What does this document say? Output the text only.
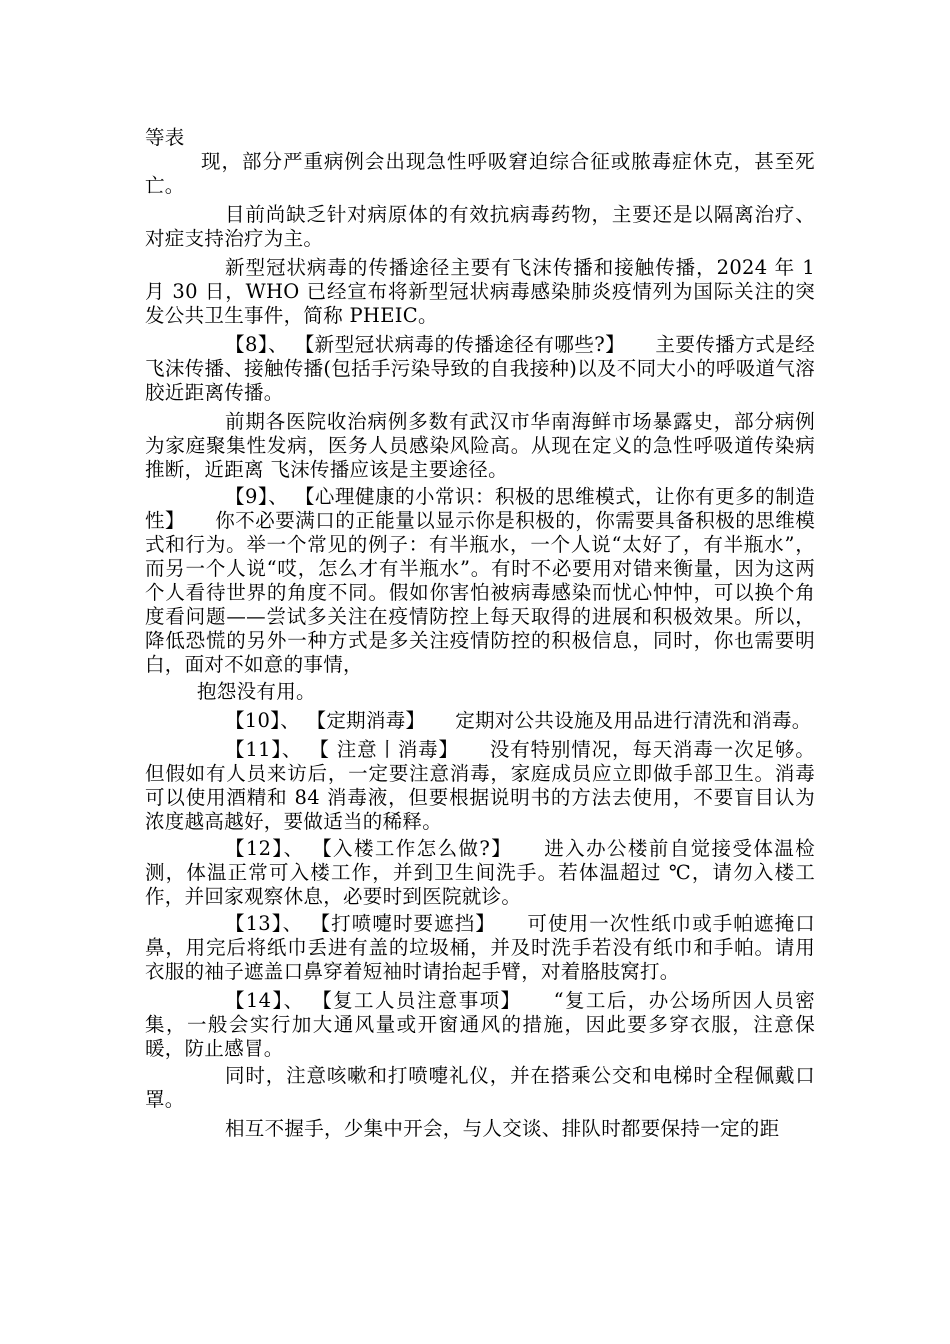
等表

现，部分严重病例会出现急性呼吸窘迫综合征或脓毒症休克，甚至死亡。

目前尚缺乏针对病原体的有效抗病毒药物，主要还是以隔离治疗、对症支持治疗为主。

新型冠状病毒的传播途径主要有飞沫传播和接触传播，2024 年 1 月 30 日，WHO 已经宣布将新型冠状病毒感染肺炎疫情列为国际关注的突发公共卫生事件，简称 PHEIC。

【8】、 【新型冠状病毒的传播途径有哪些?】　　主要传播方式是经 飞沫传播、接触传播(包括手污染导致的自我接种)以及不同大小的呼吸道气溶胶近距离传播。

前期各医院收治病例多数有武汉市华南海鲜市场暴露史，部分病例为家庭聚集性发病，医务人员感染风险高。从现在定义的急性呼吸道传染病推断，近距离 飞沫传播应该是主要途径。

【9】、 【心理健康的小常识：积极的思维模式，让你有更多的制造性】　　你不必要满口的正能量以显示你是积极的，你需要具备积极的思维模式和行为。举一个常见的例子：有半瓶水，一个人说“太好了，有半瓶水”，而另一个人说“哎，怎么才有半瓶水”。有时不必要用对错来衡量，因为这两个人看待世界的角度不同。假如你害怕被病毒感染而忧心忡忡，可以换个角度看问题——尝试多关注在疫情防控上每天取得的进展和积极效果。所以，降低恐慌的另外一种方式是多关注疫情防控的积极信息，同时，你也需要明白，面对不如意的事情，

抱怨没有用。

【10】、 【定期消毒】　　定期对公共设施及用品进行清洗和消毒。

【11】、 【 注意丨消毒】　　没有特别情况，每天消毒一次足够。但假如有人员来访后，一定要注意消毒，家庭成员应立即做手部卫生。消毒可以使用酒精和 84 消毒液，但要根据说明书的方法去使用，不要盲目认为浓度越高越好，要做适当的稀释。

【12】、 【入楼工作怎么做?】　　进入办公楼前自觉接受体温检测，体温正常可入楼工作，并到卫生间洗手。若体温超过 ℃，请勿入楼工作，并回家观察休息，必要时到医院就诊。

【13】、 【打喷嚏时要遮挡】　　可使用一次性纸巾或手帕遮掩口鼻，用完后将纸巾丢进有盖的垃圾桶，并及时洗手若没有纸巾和手帕。请用衣服的袖子遮盖口鼻穿着短袖时请抬起手臂，对着胳肢窝打。

【14】、 【复工人员注意事项】　　“复工后，办公场所因人员密集，一般会实行加大通风量或开窗通风的措施，因此要多穿衣服，注意保暖，防止感冒。

同时，注意咳嗽和打喷嚏礼仪，并在搭乘公交和电梯时全程佩戴口罩。

相互不握手，少集中开会，与人交谈、排队时都要保持一定的距
